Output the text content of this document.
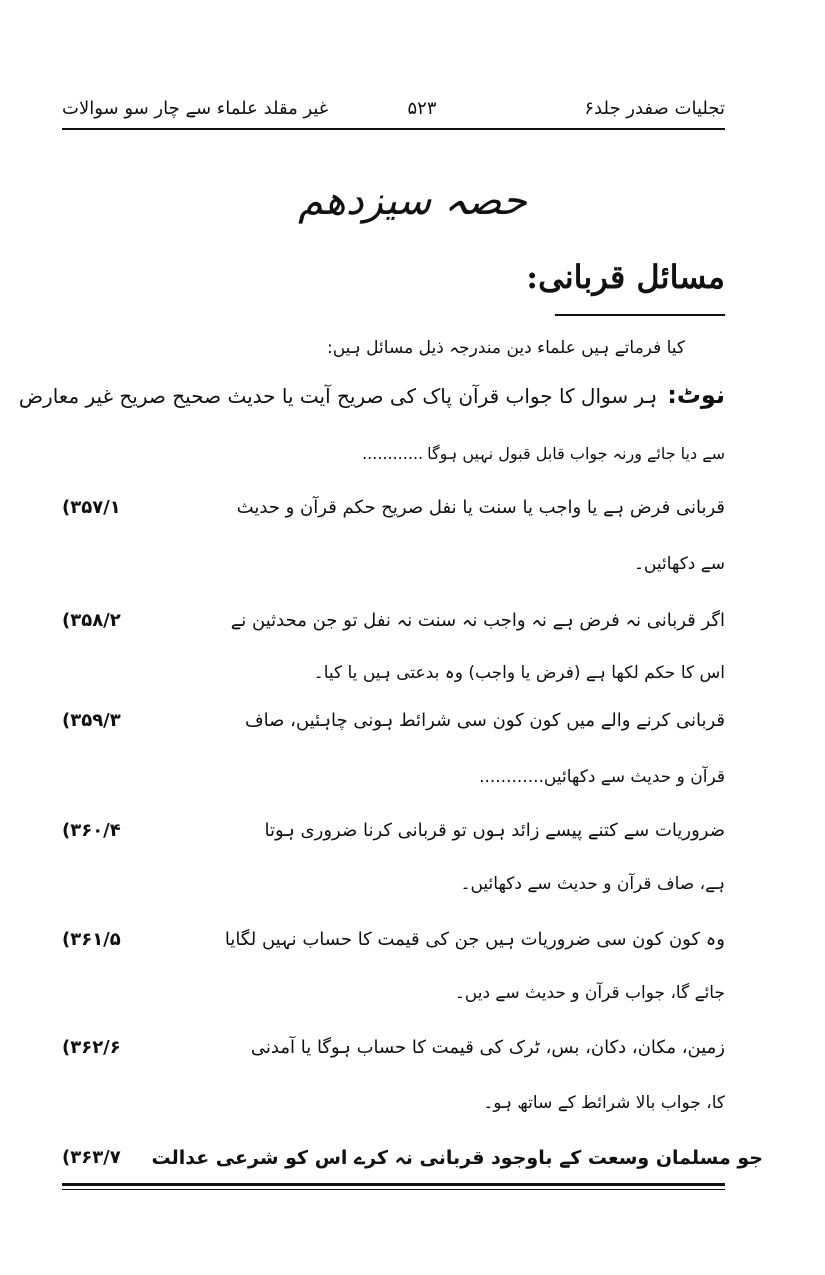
غیر مقلد علماء سے چار سو سوالات	۵۲۳	تجلیات صفدر جلد۶
حصہ سیزدھم
مسائل قربانی:
کیا فرماتے ہیں علماء دین مندرجہ ذیل مسائل ہیں:
نوٹ:ہر سوال کا جواب قرآن پاک کی صریح آیت یا حدیث صحیح صریح غیر معارض
سے دیا جائے ورنہ جواب قابل قبول نہیں ہوگا............
(۳۵۷/۱	قربانی فرض ہے یا واجب یا سنت یا نفل صریح حکم قرآن و حدیث
سے دکھائیں۔
(۳۵۸/۲	اگر قربانی نہ فرض ہے نہ واجب نہ سنت نہ نفل تو جن محدثین نے
اس کا حکم لکھا ہے (فرض یا واجب) وہ بدعتی ہیں یا کیا۔
(۳۵۹/۳	قربانی کرنے والے میں کون کون سی شرائط ہونی چاہئیں، صاف
قرآن و حدیث سے دکھائیں............
(۳۶۰/۴	ضروریات سے کتنے پیسے زائد ہوں تو قربانی کرنا ضروری ہوتا
ہے، صاف قرآن و حدیث سے دکھائیں۔
(۳۶۱/۵	وہ کون کون سی ضروریات ہیں جن کی قیمت کا حساب نہیں لگایا
جائے گا، جواب قرآن و حدیث سے دیں۔
(۳۶۲/۶	زمین، مکان، دکان، بس، ٹرک کی قیمت کا حساب ہوگا یا آمدنی
کا، جواب بالا شرائط کے ساتھ ہو۔
(۳۶۳/۷	جو مسلمان وسعت کے باوجود قربانی نہ کرے اس کو شرعی عدالت
